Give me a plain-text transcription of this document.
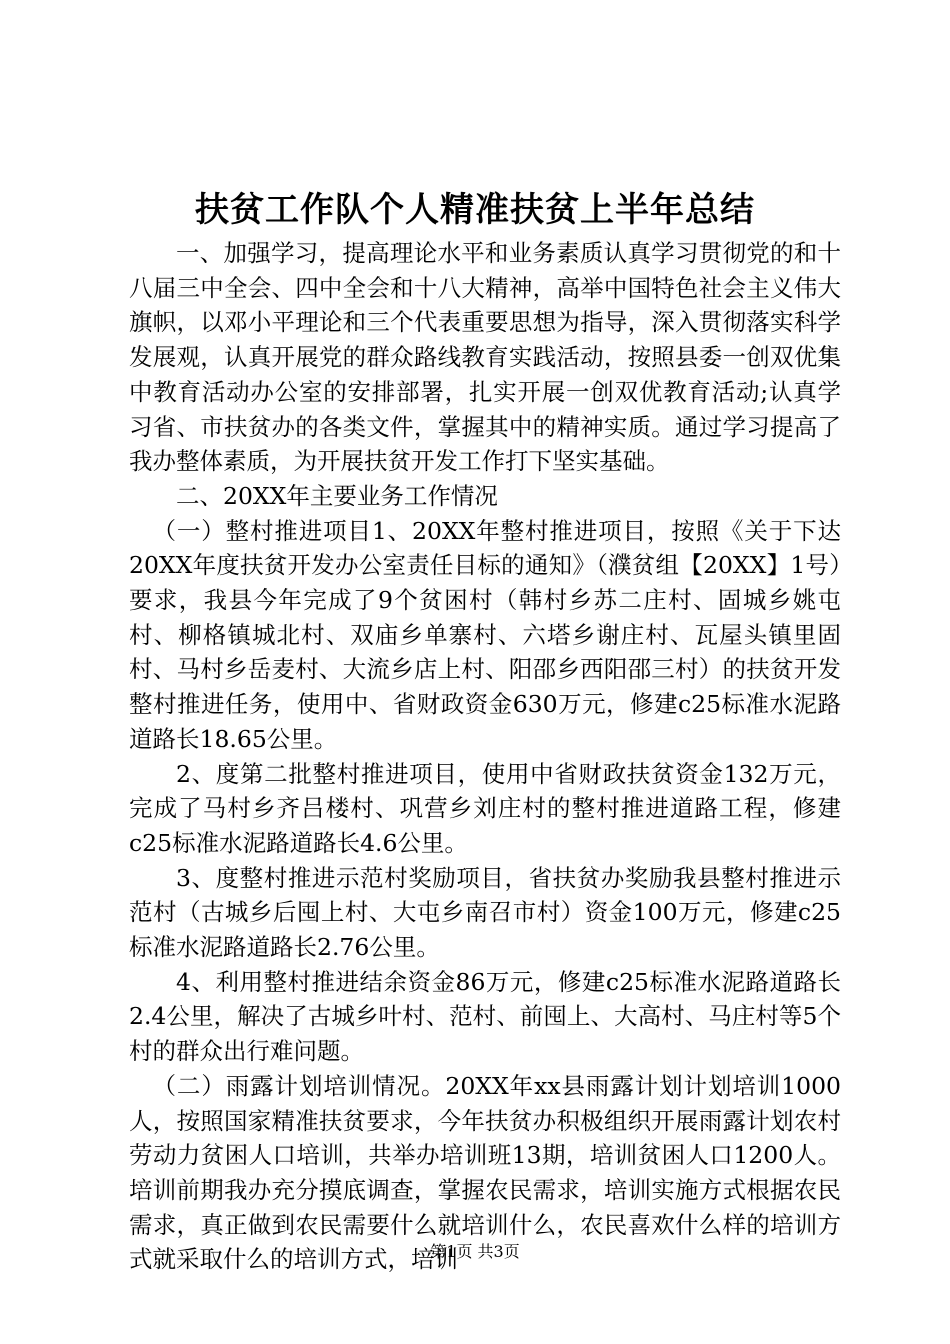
扶贫工作队个人精准扶贫上半年总结

一、加强学习，提高理论水平和业务素质认真学习贯彻党的和十八届三中全会、四中全会和十八大精神，高举中国特色社会主义伟大旗帜，以邓小平理论和三个代表重要思想为指导，深入贯彻落实科学发展观，认真开展党的群众路线教育实践活动，按照县委一创双优集中教育活动办公室的安排部署，扎实开展一创双优教育活动;认真学习省、市扶贫办的各类文件，掌握其中的精神实质。通过学习提高了我办整体素质，为开展扶贫开发工作打下坚实基础。

二、20XX年主要业务工作情况

（一）整村推进项目1、20XX年整村推进项目，按照《关于下达20XX年度扶贫开发办公室责任目标的通知》（濮贫组【20XX】1号）要求，我县今年完成了9个贫困村（韩村乡苏二庄村、固城乡姚屯村、柳格镇城北村、双庙乡单寨村、六塔乡谢庄村、瓦屋头镇里固村、马村乡岳麦村、大流乡店上村、阳邵乡西阳邵三村）的扶贫开发整村推进任务，使用中、省财政资金630万元，修建c25标准水泥路道路长18.65公里。

2、度第二批整村推进项目，使用中省财政扶贫资金132万元，完成了马村乡齐吕楼村、巩营乡刘庄村的整村推进道路工程，修建c25标准水泥路道路长4.6公里。

3、度整村推进示范村奖励项目，省扶贫办奖励我县整村推进示范村（古城乡后囤上村、大屯乡南召市村）资金100万元，修建c25标准水泥路道路长2.76公里。

4、利用整村推进结余资金86万元，修建c25标准水泥路道路长2.4公里，解决了古城乡叶村、范村、前囤上、大高村、马庄村等5个村的群众出行难问题。

（二）雨露计划培训情况。20XX年xx县雨露计划计划培训1000人，按照国家精准扶贫要求，今年扶贫办积极组织开展雨露计划农村劳动力贫困人口培训，共举办培训班13期，培训贫困人口1200人。培训前期我办充分摸底调查，掌握农民需求，培训实施方式根据农民需求，真正做到农民需要什么就培训什么，农民喜欢什么样的培训方式就采取什么的培训方式，培训

第1页 共3页
